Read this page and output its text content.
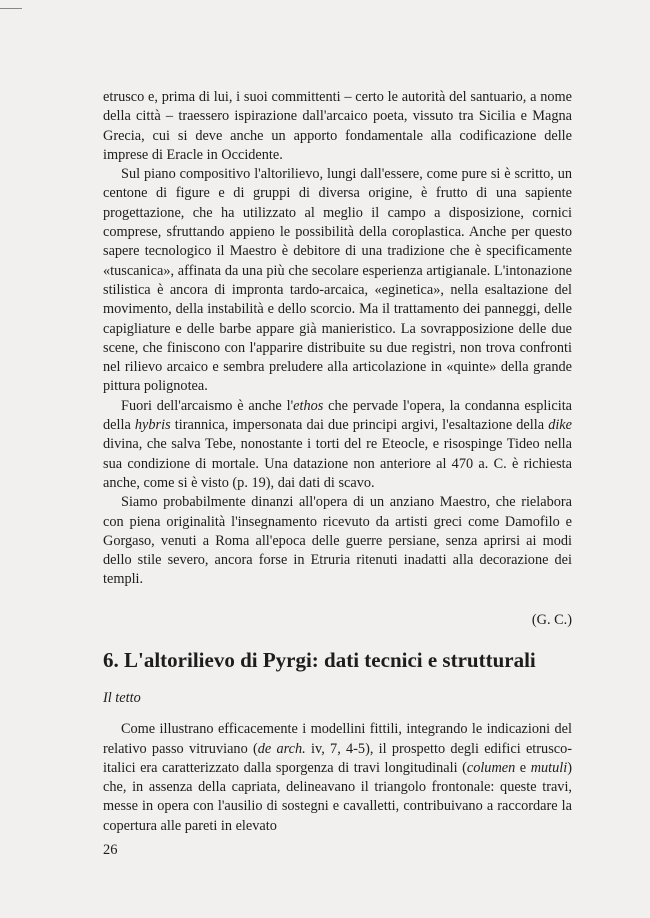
etrusco e, prima di lui, i suoi committenti – certo le autorità del santuario, a nome della città – traessero ispirazione dall'arcaico poeta, vissuto tra Sicilia e Magna Grecia, cui si deve anche un apporto fondamentale alla codificazione delle imprese di Eracle in Occidente.

Sul piano compositivo l'altorilievo, lungi dall'essere, come pure si è scritto, un centone di figure e di gruppi di diversa origine, è frutto di una sapiente progettazione, che ha utilizzato al meglio il campo a disposizione, cornici comprese, sfruttando appieno le possibilità della coroplastica. Anche per questo sapere tecnologico il Maestro è debitore di una tradizione che è specificamente «tuscanica», affinata da una più che secolare esperienza artigianale. L'intonazione stilistica è ancora di impronta tardo-arcaica, «eginetica», nella esaltazione del movimento, della instabilità e dello scorcio. Ma il trattamento dei panneggi, delle capigliature e delle barbe appare già manieristico. La sovrapposizione delle due scene, che finiscono con l'apparire distribuite su due registri, non trova confronti nel rilievo arcaico e sembra preludere alla articolazione in «quinte» della grande pittura polignotea.

Fuori dell'arcaismo è anche l'ethos che pervade l'opera, la condanna esplicita della hybris tirannica, impersonata dai due principi argivi, l'esaltazione della dike divina, che salva Tebe, nonostante i torti del re Eteocle, e risospinge Tideo nella sua condizione di mortale. Una datazione non anteriore al 470 a. C. è richiesta anche, come si è visto (p. 19), dai dati di scavo.

Siamo probabilmente dinanzi all'opera di un anziano Maestro, che rielabora con piena originalità l'insegnamento ricevuto da artisti greci come Damofilo e Gorgaso, venuti a Roma all'epoca delle guerre persiane, senza aprirsi ai modi dello stile severo, ancora forse in Etruria ritenuti inadatti alla decorazione dei templi.

(G. C.)

6. L'altorilievo di Pyrgi: dati tecnici e strutturali

Il tetto

Come illustrano efficacemente i modellini fittili, integrando le indicazioni del relativo passo vitruviano (de arch. iv, 7, 4-5), il prospetto degli edifici etrusco-italici era caratterizzato dalla sporgenza di travi longitudinali (columen e mutuli) che, in assenza della capriata, delineavano il triangolo frontonale: queste travi, messe in opera con l'ausilio di sostegni e cavalletti, contribuivano a raccordare la copertura alle pareti in elevato

26
